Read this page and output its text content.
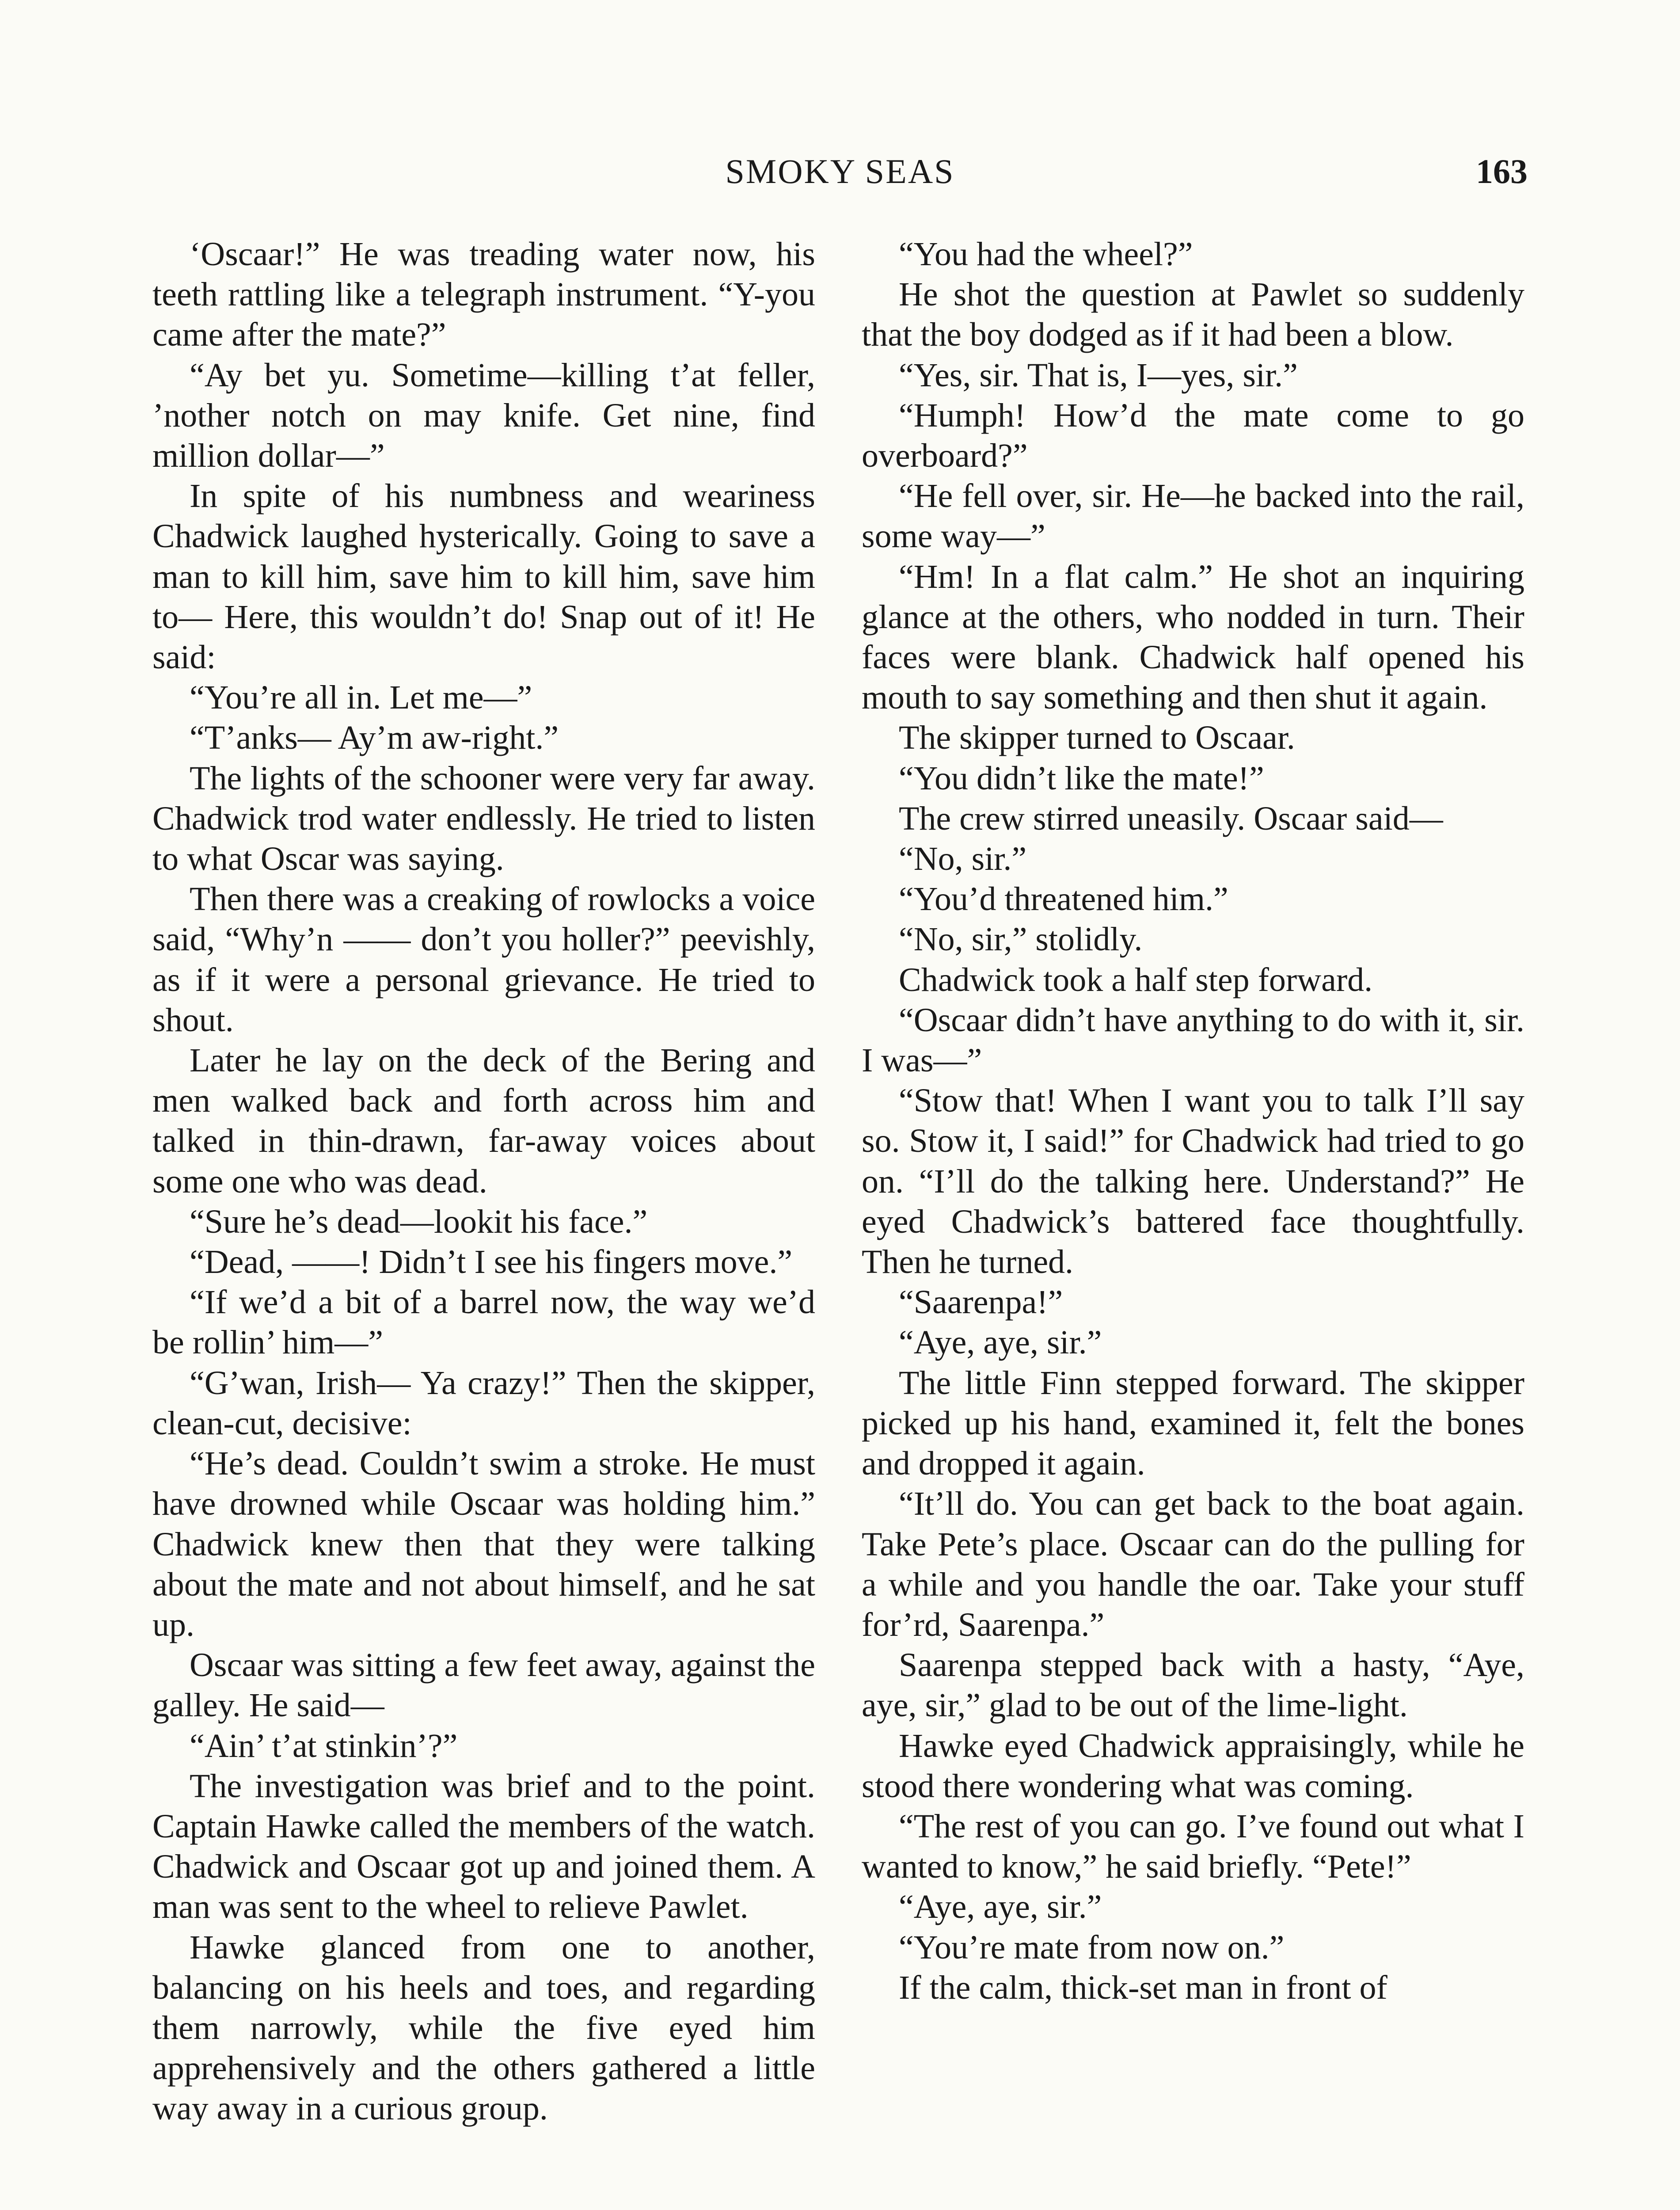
SMOKY SEAS	163

‘Oscaar!” He was treading water now, his teeth rattling like a telegraph instrument. “Y-you came after the mate?”

“Ay bet yu. Sometime—killing t’at feller, ’nother notch on may knife. Get nine, find million dollar—”

In spite of his numbness and weariness Chadwick laughed hysterically. Going to save a man to kill him, save him to kill him, save him to— Here, this wouldn’t do! Snap out of it! He said:

“You’re all in. Let me—”

“T’anks— Ay’m aw-right.”

The lights of the schooner were very far away. Chadwick trod water endlessly. He tried to listen to what Oscar was saying.

Then there was a creaking of rowlocks a voice said, “Why’n —— don’t you holler?” peevishly, as if it were a personal grievance. He tried to shout.

Later he lay on the deck of the Bering and men walked back and forth across him and talked in thin-drawn, far-away voices about some one who was dead.

“Sure he’s dead—lookit his face.”

“Dead, ——! Didn’t I see his fingers move.”

“If we’d a bit of a barrel now, the way we’d be rollin’ him—”

“G’wan, Irish— Ya crazy!” Then the skipper, clean-cut, decisive:

“He’s dead. Couldn’t swim a stroke. He must have drowned while Oscaar was holding him.” Chadwick knew then that they were talking about the mate and not about himself, and he sat up.

Oscaar was sitting a few feet away, against the galley. He said—

“Ain’ t’at stinkin’?”

The investigation was brief and to the point. Captain Hawke called the members of the watch. Chadwick and Oscaar got up and joined them. A man was sent to the wheel to relieve Pawlet.

Hawke glanced from one to another, balancing on his heels and toes, and regarding them narrowly, while the five eyed him apprehensively and the others gathered a little way away in a curious group.

“You had the wheel?”

He shot the question at Pawlet so suddenly that the boy dodged as if it had been a blow.

“Yes, sir. That is, I—yes, sir.”

“Humph! How’d the mate come to go overboard?”

“He fell over, sir. He—he backed into the rail, some way—”

“Hm! In a flat calm.” He shot an inquiring glance at the others, who nodded in turn. Their faces were blank. Chadwick half opened his mouth to say something and then shut it again.

The skipper turned to Oscaar.

“You didn’t like the mate!”

The crew stirred uneasily. Oscaar said—

“No, sir.”

“You’d threatened him.”

“No, sir,” stolidly.

Chadwick took a half step forward.

“Oscaar didn’t have anything to do with it, sir. I was—”

“Stow that! When I want you to talk I’ll say so. Stow it, I said!” for Chadwick had tried to go on. “I’ll do the talking here. Understand?” He eyed Chadwick’s battered face thoughtfully. Then he turned.

“Saarenpa!”

“Aye, aye, sir.”

The little Finn stepped forward. The skipper picked up his hand, examined it, felt the bones and dropped it again.

“It’ll do. You can get back to the boat again. Take Pete’s place. Oscaar can do the pulling for a while and you handle the oar. Take your stuff for’rd, Saarenpa.”

Saarenpa stepped back with a hasty, “Aye, aye, sir,” glad to be out of the lime-light.

Hawke eyed Chadwick appraisingly, while he stood there wondering what was coming.

“The rest of you can go. I’ve found out what I wanted to know,” he said briefly. “Pete!”

“Aye, aye, sir.”

“You’re mate from now on.”

If the calm, thick-set man in front of
